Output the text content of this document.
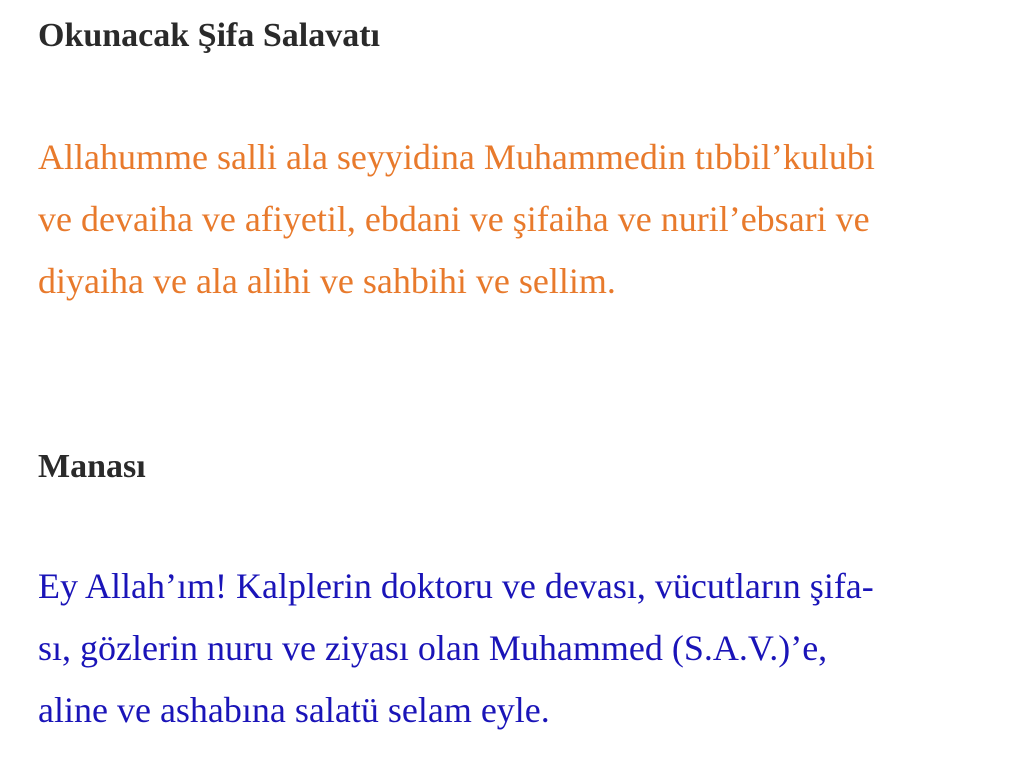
Okunacak Şifa Salavatı

Allahumme salli ala seyyidina Muhammedin tıbbil’kulubi
ve devaiha ve afiyetil, ebdani ve şifaiha ve nuril’ebsari ve
diyaiha ve ala alihi ve sahbihi ve sellim.

Manası

Ey Allah’ım! Kalplerin doktoru ve devası, vücutların şifa-
sı, gözlerin nuru ve ziyası olan Muhammed (S.A.V.)’e,
aline ve ashabına salatü selam eyle.
